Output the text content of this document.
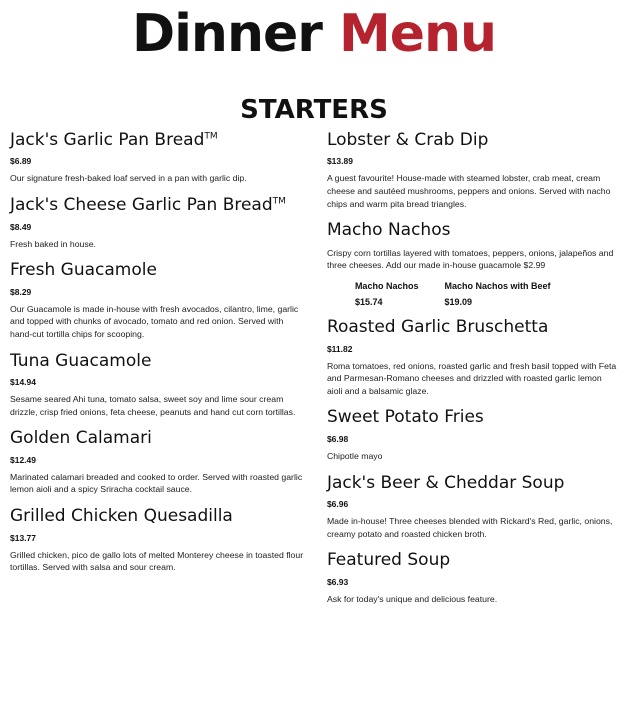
Dinner Menu
STARTERS
Jack's Garlic Pan Bread™
$6.89
Our signature fresh-baked loaf served in a pan with garlic dip.
Jack's Cheese Garlic Pan Bread™
$8.49
Fresh baked in house.
Fresh Guacamole
$8.29
Our Guacamole is made in-house with fresh avocados, cilantro, lime, garlic and topped with chunks of avocado, tomato and red onion. Served with hand-cut tortilla chips for scooping.
Tuna Guacamole
$14.94
Sesame seared Ahi tuna, tomato salsa, sweet soy and lime sour cream drizzle, crisp fried onions, feta cheese, peanuts and hand cut corn tortillas.
Golden Calamari
$12.49
Marinated calamari breaded and cooked to order. Served with roasted garlic lemon aioli and a spicy Sriracha cocktail sauce.
Grilled Chicken Quesadilla
$13.77
Grilled chicken, pico de gallo lots of melted Monterey cheese in toasted flour tortillas. Served with salsa and sour cream.
Lobster & Crab Dip
$13.89
A guest favourite! House-made with steamed lobster, crab meat, cream cheese and sautéed mushrooms, peppers and onions. Served with nacho chips and warm pita bread triangles.
Macho Nachos
Crispy corn tortillas layered with tomatoes, peppers, onions, jalapeños and three cheeses. Add our made in-house guacamole $2.99
Macho Nachos
$15.74
Macho Nachos with Beef
$19.09
Roasted Garlic Bruschetta
$11.82
Roma tomatoes, red onions, roasted garlic and fresh basil topped with Feta and Parmesan-Romano cheeses and drizzled with roasted garlic lemon aioli and a balsamic glaze.
Sweet Potato Fries
$6.98
Chipotle mayo
Jack's Beer & Cheddar Soup
$6.96
Made in-house! Three cheeses blended with Rickard's Red, garlic, onions, creamy potato and roasted chicken broth.
Featured Soup
$6.93
Ask for today's unique and delicious feature.
